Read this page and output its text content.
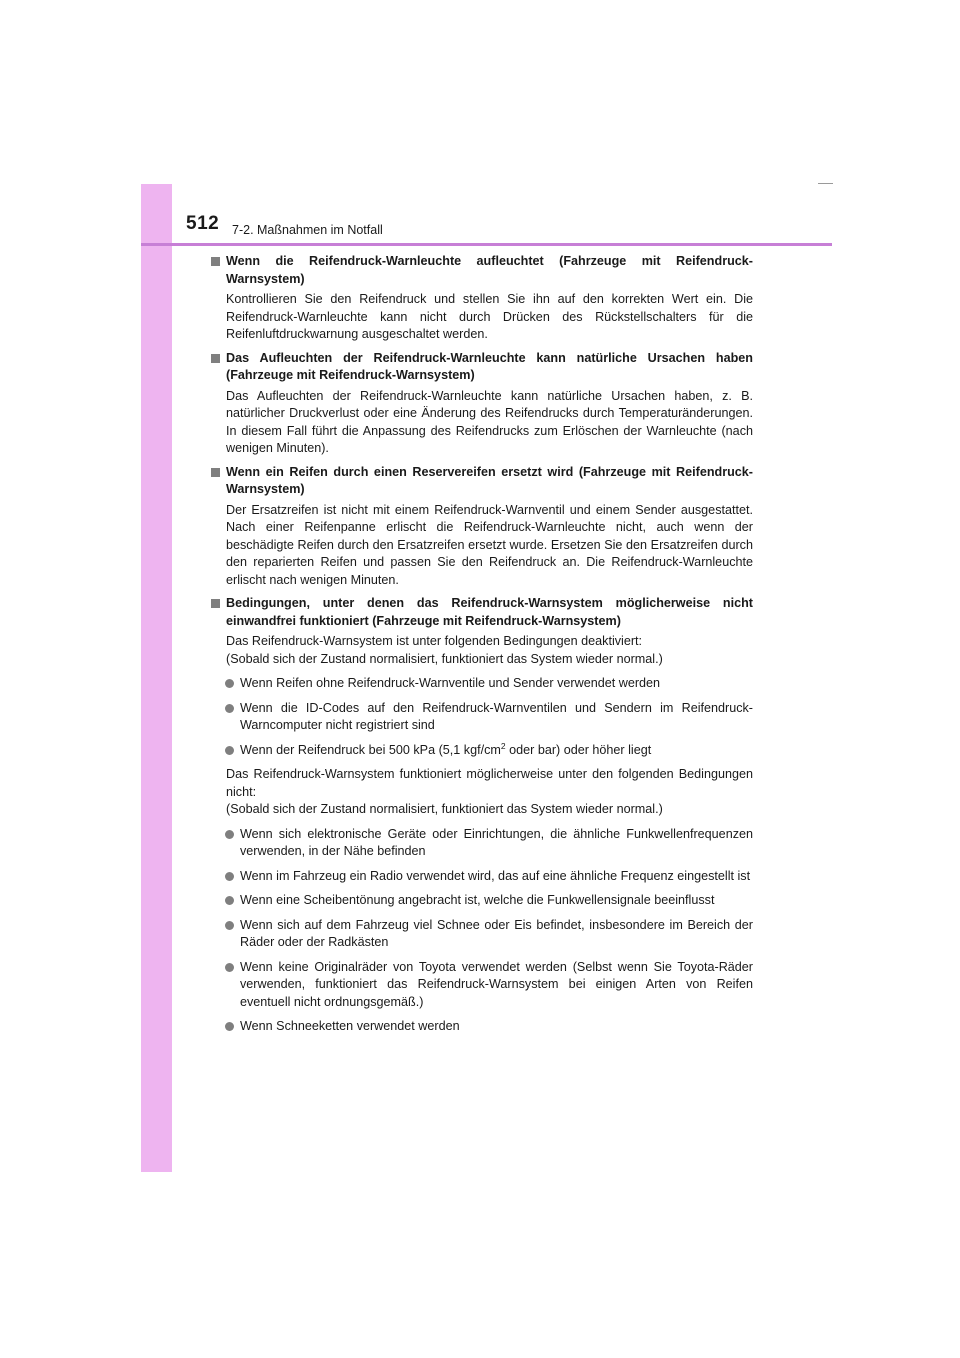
512 7-2. Maßnahmen im Notfall
Wenn die Reifendruck-Warnleuchte aufleuchtet (Fahrzeuge mit Reifendruck-Warnsystem)
Kontrollieren Sie den Reifendruck und stellen Sie ihn auf den korrekten Wert ein. Die Reifendruck-Warnleuchte kann nicht durch Drücken des Rückstellschalters für die Reifenluftdruckwarnung ausgeschaltet werden.
Das Aufleuchten der Reifendruck-Warnleuchte kann natürliche Ursachen haben (Fahrzeuge mit Reifendruck-Warnsystem)
Das Aufleuchten der Reifendruck-Warnleuchte kann natürliche Ursachen haben, z. B. natürlicher Druckverlust oder eine Änderung des Reifendrucks durch Temperaturänderungen. In diesem Fall führt die Anpassung des Reifendrucks zum Erlöschen der Warnleuchte (nach wenigen Minuten).
Wenn ein Reifen durch einen Reservereifen ersetzt wird (Fahrzeuge mit Reifendruck-Warnsystem)
Der Ersatzreifen ist nicht mit einem Reifendruck-Warnventil und einem Sender ausgestattet. Nach einer Reifenpanne erlischt die Reifendruck-Warnleuchte nicht, auch wenn der beschädigte Reifen durch den Ersatzreifen ersetzt wurde. Ersetzen Sie den Ersatzreifen durch den reparierten Reifen und passen Sie den Reifendruck an. Die Reifendruck-Warnleuchte erlischt nach wenigen Minuten.
Bedingungen, unter denen das Reifendruck-Warnsystem möglicherweise nicht einwandfrei funktioniert (Fahrzeuge mit Reifendruck-Warnsystem)
Das Reifendruck-Warnsystem ist unter folgenden Bedingungen deaktiviert:
(Sobald sich der Zustand normalisiert, funktioniert das System wieder normal.)
Wenn Reifen ohne Reifendruck-Warnventile und Sender verwendet werden
Wenn die ID-Codes auf den Reifendruck-Warnventilen und Sendern im Reifendruck-Warncomputer nicht registriert sind
Wenn der Reifendruck bei 500 kPa (5,1 kgf/$cm^2$ oder bar) oder höher liegt
Das Reifendruck-Warnsystem funktioniert möglicherweise unter den folgenden Bedingungen nicht:
(Sobald sich der Zustand normalisiert, funktioniert das System wieder normal.)
Wenn sich elektronische Geräte oder Einrichtungen, die ähnliche Funkwellenfrequenzen verwenden, in der Nähe befinden
Wenn im Fahrzeug ein Radio verwendet wird, das auf eine ähnliche Frequenz eingestellt ist
Wenn eine Scheibentönung angebracht ist, welche die Funkwellensignale beeinflusst
Wenn sich auf dem Fahrzeug viel Schnee oder Eis befindet, insbesondere im Bereich der Räder oder der Radkästen
Wenn keine Originalräder von Toyota verwendet werden (Selbst wenn Sie Toyota-Räder verwenden, funktioniert das Reifendruck-Warnsystem bei einigen Arten von Reifen eventuell nicht ordnungsgemäß.)
Wenn Schneeketten verwendet werden
